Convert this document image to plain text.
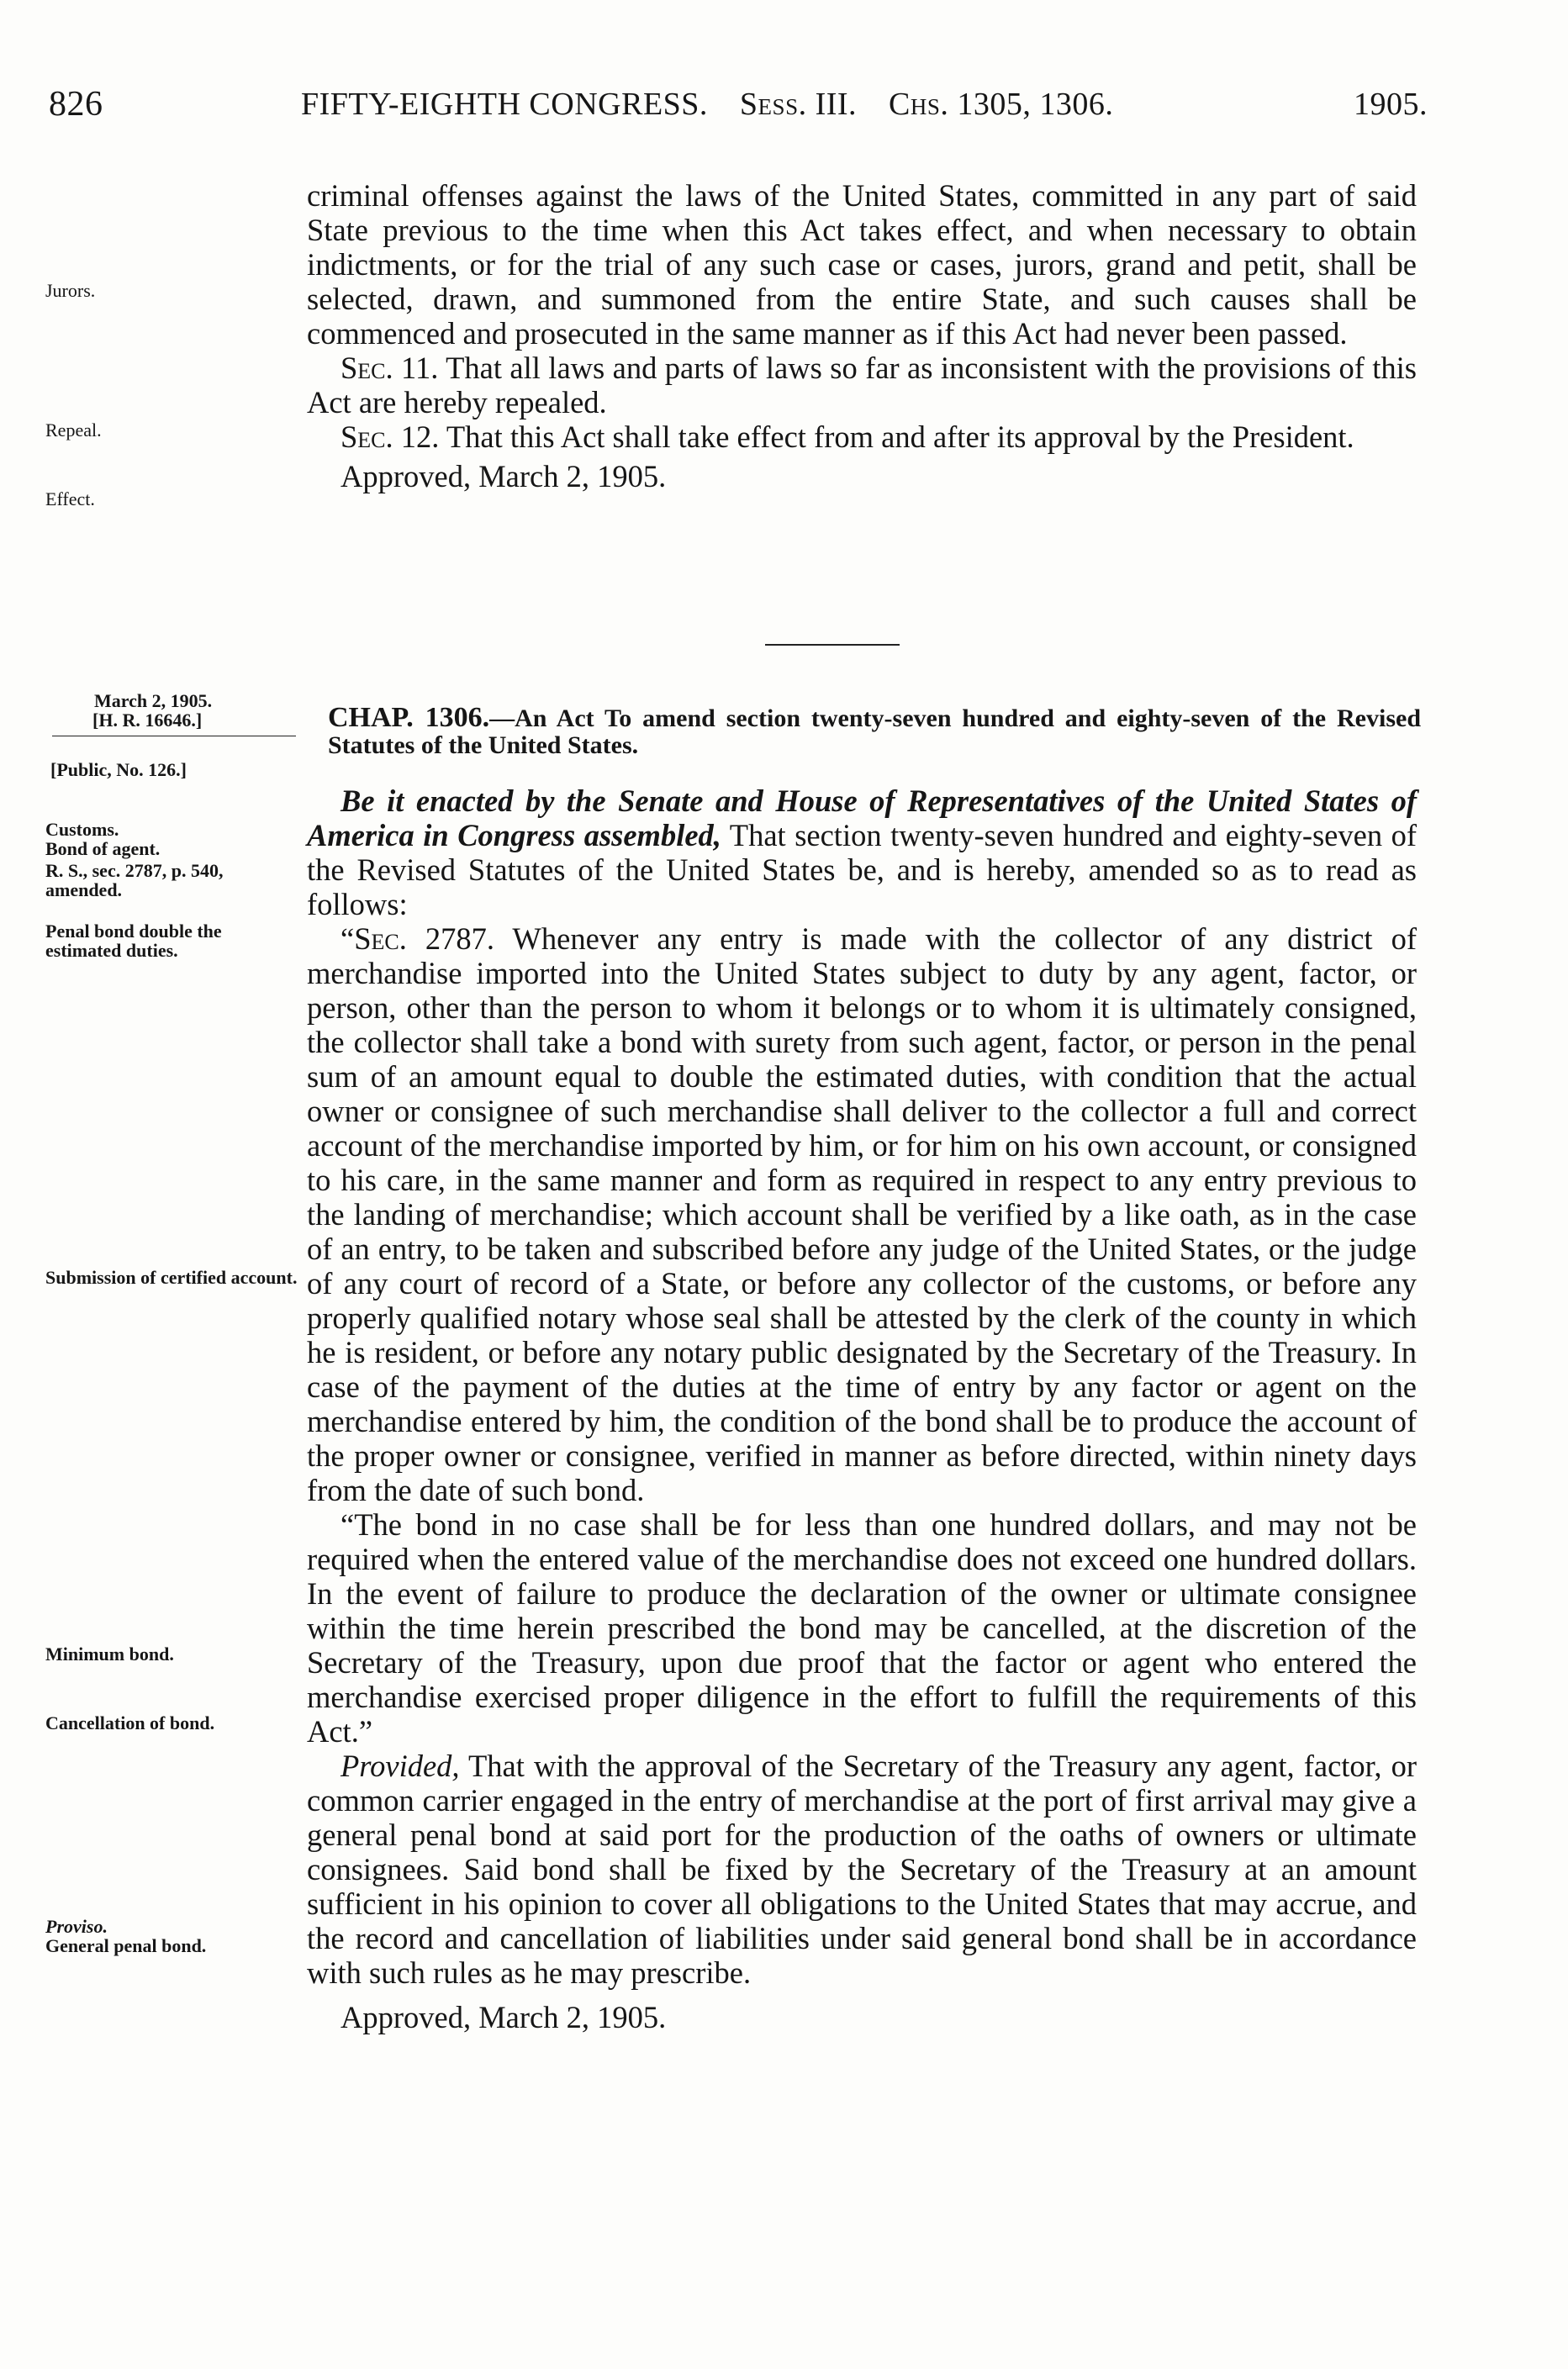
826	FIFTY-EIGHTH CONGRESS. Sess. III. Chs. 1305, 1306.	1905.

criminal offenses against the laws of the United States, committed in any part of said State previous to the time when this Act takes effect, and when necessary to obtain indictments, or for the trial of any such case or cases, jurors, grand and petit, shall be selected, drawn, and summoned from the entire State, and such causes shall be commenced and prosecuted in the same manner as if this Act had never been passed.

Sec. 11. That all laws and parts of laws so far as inconsistent with the provisions of this Act are hereby repealed.

Sec. 12. That this Act shall take effect from and after its approval by the President.

Approved, March 2, 1905.

Jurors.
Repeal.
Effect.
March 2, 1905.
[H. R. 16646.]
[Public, No. 126.]
CHAP. 1306.—An Act To amend section twenty-seven hundred and eighty-seven of the Revised Statutes of the United States.

Be it enacted by the Senate and House of Representatives of the United States of America in Congress assembled, That section twenty-seven hundred and eighty-seven of the Revised Statutes of the United States be, and is hereby, amended so as to read as follows:

“Sec. 2787. Whenever any entry is made with the collector of any district of merchandise imported into the United States subject to duty by any agent, factor, or person, other than the person to whom it belongs or to whom it is ultimately consigned, the collector shall take a bond with surety from such agent, factor, or person in the penal sum of an amount equal to double the estimated duties, with condition that the actual owner or consignee of such merchandise shall deliver to the collector a full and correct account of the merchandise imported by him, or for him on his own account, or consigned to his care, in the same manner and form as required in respect to any entry previous to the landing of merchandise; which account shall be verified by a like oath, as in the case of an entry, to be taken and subscribed before any judge of the United States, or the judge of any court of record of a State, or before any collector of the customs, or before any properly qualified notary whose seal shall be attested by the clerk of the county in which he is resident, or before any notary public designated by the Secretary of the Treasury. In case of the payment of the duties at the time of entry by any factor or agent on the merchandise entered by him, the condition of the bond shall be to produce the account of the proper owner or consignee, verified in manner as before directed, within ninety days from the date of such bond.

“The bond in no case shall be for less than one hundred dollars, and may not be required when the entered value of the merchandise does not exceed one hundred dollars. In the event of failure to produce the declaration of the owner or ultimate consignee within the time herein prescribed the bond may be cancelled, at the discretion of the Secretary of the Treasury, upon due proof that the factor or agent who entered the merchandise exercised proper diligence in the effort to fulfill the requirements of this Act.”

Provided, That with the approval of the Secretary of the Treasury any agent, factor, or common carrier engaged in the entry of merchandise at the port of first arrival may give a general penal bond at said port for the production of the oaths of owners or ultimate consignees. Said bond shall be fixed by the Secretary of the Treasury at an amount sufficient in his opinion to cover all obligations to the United States that may accrue, and the record and cancellation of liabilities under said general bond shall be in accordance with such rules as he may prescribe.

Approved, March 2, 1905.

Customs.
Bond of agent.
R. S., sec. 2787, p. 540, amended.
Penal bond double the estimated duties.
Submission of certified account.
Minimum bond.
Cancellation of bond.
Proviso.
General penal bond.
